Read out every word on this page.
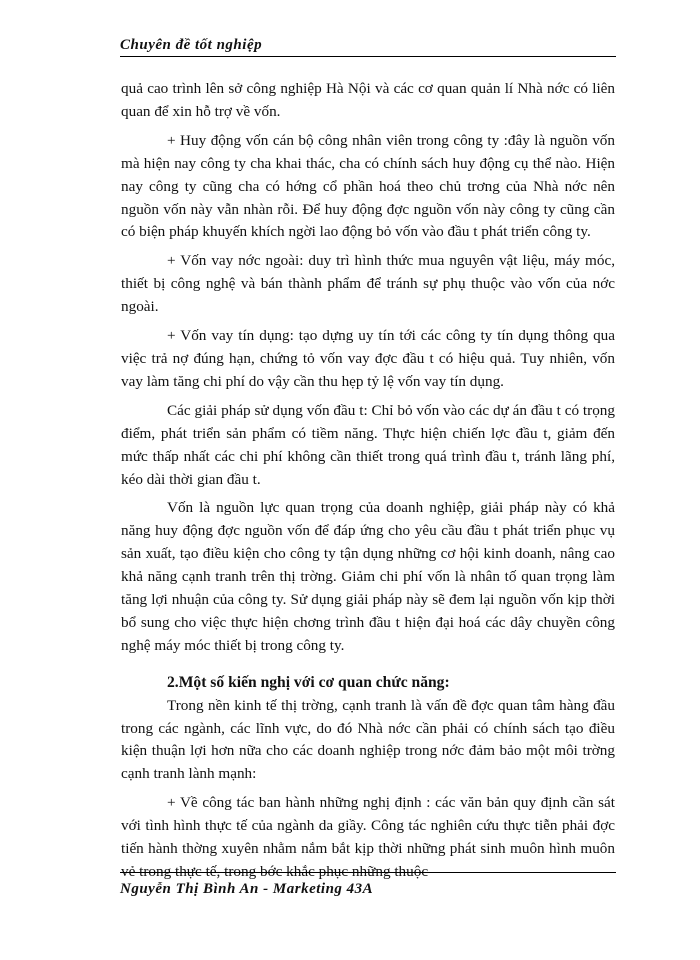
Chuyên đề tốt nghiệp

quả cao trình lên sở công nghiệp Hà Nội và các cơ quan quản lí Nhà nớc có liên quan để xin hỗ trợ về vốn.

+ Huy động vốn cán bộ công nhân viên trong công ty :đây là nguồn vốn mà hiện nay công ty cha khai thác, cha có chính sách huy động cụ thể nào. Hiện nay công ty cũng cha có hớng cổ phần hoá theo chủ trơng của Nhà nớc nên nguồn vốn này vẫn nhàn rỗi. Để huy động đợc nguồn vốn này công ty cũng cần có biện pháp khuyến khích ngời lao động bỏ vốn vào đầu t phát triển công ty.

+ Vốn vay nớc ngoài: duy trì hình thức mua nguyên vật liệu, máy móc, thiết bị công nghệ và bán thành phẩm để tránh sự phụ thuộc vào vốn của nớc ngoài.

+ Vốn vay tín dụng: tạo dựng uy tín tới các công ty tín dụng thông qua việc trả nợ đúng hạn, chứng tỏ vốn vay đợc đầu t có hiệu quả. Tuy nhiên, vốn vay làm tăng chi phí do vậy cần thu hẹp tỷ lệ vốn vay tín dụng.

Các giải pháp sử dụng vốn đầu t: Chỉ bỏ vốn vào các dự án đầu t có trọng điểm, phát triển sản phẩm có tiềm năng. Thực hiện chiến lợc đầu t, giảm đến mức thấp nhất các chi phí không cần thiết trong quá trình đầu t, tránh lãng phí, kéo dài thời gian đầu t.

Vốn là nguồn lực quan trọng của doanh nghiệp, giải pháp này có khả năng huy động đợc nguồn vốn để đáp ứng cho yêu cầu đầu t phát triển phục vụ sản xuất, tạo điều kiện cho công ty tận dụng những cơ hội kinh doanh, nâng cao khả năng cạnh tranh trên thị trờng. Giảm chi phí vốn là nhân tố quan trọng làm tăng lợi nhuận của công ty. Sử dụng giải pháp này sẽ đem lại nguồn vốn kịp thời bổ sung cho việc thực hiện chơng trình đầu t hiện đại hoá các dây chuyền công nghệ máy móc thiết bị trong công ty.

2.Một số kiến nghị với cơ quan chức năng:

Trong nền kinh tế thị trờng, cạnh tranh là vấn đề đợc quan tâm hàng đầu trong các ngành, các lĩnh vực, do đó Nhà nớc cần phải có chính sách tạo điều kiện thuận lợi hơn nữa cho các doanh nghiệp trong nớc đảm bảo một môi trờng cạnh tranh lành mạnh:

+ Về công tác ban hành những nghị định : các văn bản quy định cần sát với tình hình thực tế của ngành da giầy. Công tác nghiên cứu thực tiễn phải đợc tiến hành thờng xuyên nhằm nắm bắt kịp thời những phát sinh muôn hình muôn vẻ trong thực tế, trong bớc khắc phục những thuộc

Nguyễn Thị Bình An - Marketing 43A
